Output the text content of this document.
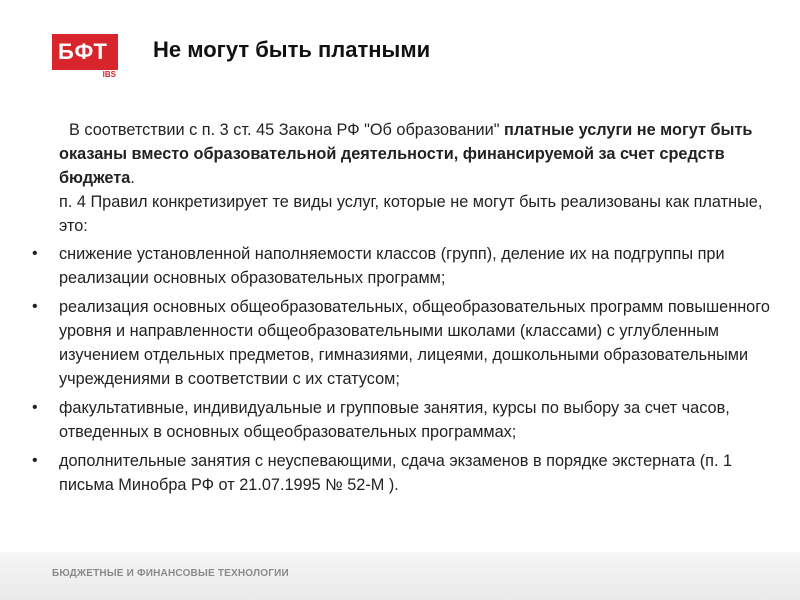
БФТ
IBS
Не могут быть платными

В соответствии с п. 3 ст. 45 Закона РФ "Об образовании" платные услуги не могут быть оказаны вместо образовательной деятельности, финансируемой за счет средств бюджета.
п. 4 Правил конкретизирует те виды услуг, которые не могут быть реализованы как платные, это:

• снижение установленной наполняемости классов (групп), деление их на подгруппы при реализации основных образовательных программ;
• реализация основных общеобразовательных, общеобразовательных программ повышенного уровня и направленности общеобразовательными школами (классами) с углубленным изучением отдельных предметов, гимназиями, лицеями, дошкольными образовательными учреждениями в соответствии с их статусом;
• факультативные, индивидуальные и групповые занятия, курсы по выбору за счет часов, отведенных в основных общеобразовательных программах;
• дополнительные занятия с неуспевающими, сдача экзаменов в порядке экстерната (п. 1 письма Минобра РФ от 21.07.1995 № 52-М ).
БЮДЖЕТНЫЕ И ФИНАНСОВЫЕ ТЕХНОЛОГИИ
